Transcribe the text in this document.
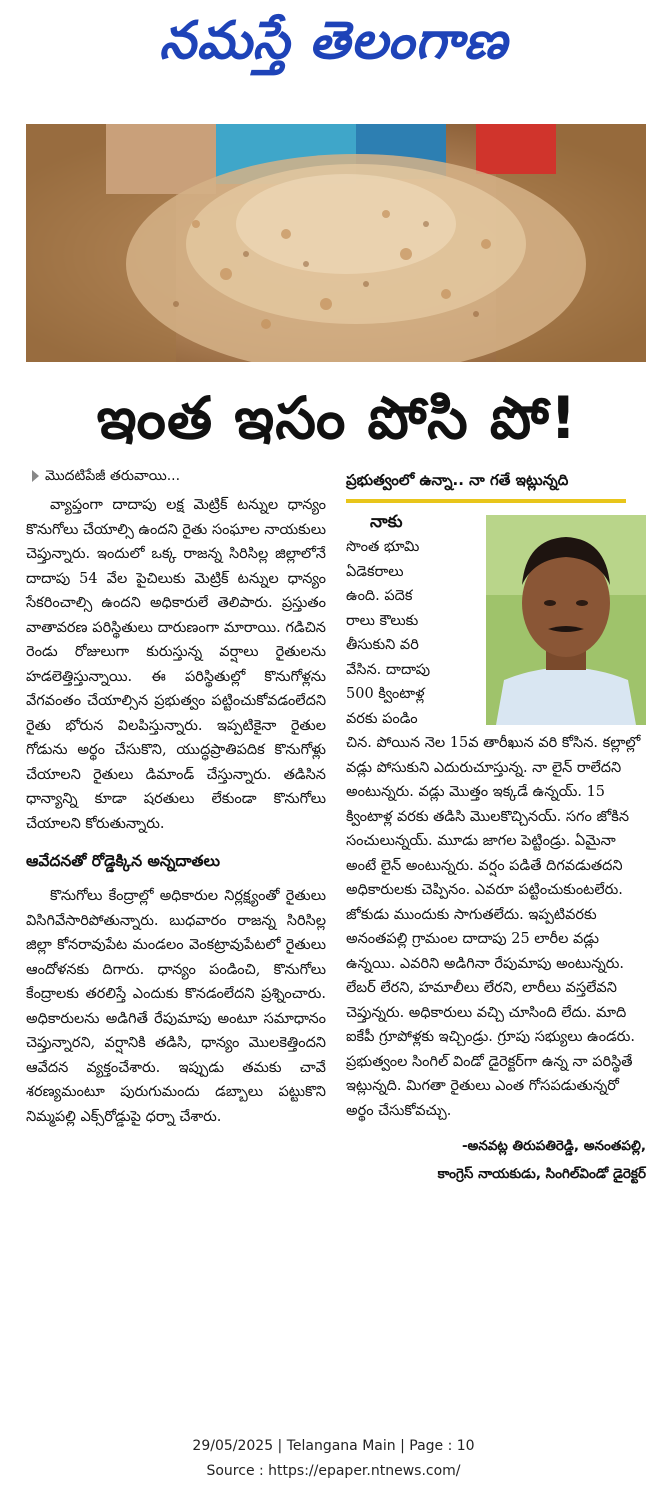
నమస్తే తెలంగాణ
ఇంత ఇసం పోసి పో!
మొదటిపేజీ తరువాయి...

వ్యాప్తంగా దాదాపు లక్ష మెట్రిక్ టన్నుల ధాన్యం కొనుగోలు చేయాల్సి ఉందని రైతు సంఘాల నాయకులు చెప్తున్నారు. ఇందులో ఒక్క రాజన్న సిరిసిల్ల జిల్లాలోనే దాదాపు 54 వేల పైచిలుకు మెట్రిక్ టన్నుల ధాన్యం సేకరించాల్సి ఉందని అధికారులే తెలిపారు. ప్రస్తుతం వాతావరణ పరిస్థితులు దారుణంగా మారాయి. గడిచిన రెండు రోజులుగా కురుస్తున్న వర్షాలు రైతులను హడలెత్తిస్తున్నాయి. ఈ పరిస్థితుల్లో కొనుగోళ్లను వేగవంతం చేయాల్సిన ప్రభుత్వం పట్టించుకోవడంలేదని రైతు భోరున విలపిస్తున్నారు. ఇప్పటికైనా రైతుల గోడును అర్థం చేసుకొని, యుద్ధప్రాతిపదిక కొనుగోళ్లు చేయాలని రైతులు డిమాండ్ చేస్తున్నారు. తడిసిన ధాన్యాన్ని కూడా షరతులు లేకుండా కొనుగోలు చేయాలని కోరుతున్నారు.

ఆవేదనతో రోడ్డెక్కిన అన్నదాతలు

కొనుగోలు కేంద్రాల్లో అధికారుల నిర్లక్ష్యంతో రైతులు విసిగివేసారిపోతున్నారు. బుధవారం రాజన్న సిరిసిల్ల జిల్లా కోనరావుపేట మండలం వెంకట్రావుపేటలో రైతులు ఆందోళనకు దిగారు. ధాన్యం పండించి, కొనుగోలు కేంద్రాలకు తరలిస్తే ఎందుకు కొనడంలేదని ప్రశ్నించారు. అధికారులను అడిగితే రేపుమాపు అంటూ సమాధానం చెప్తున్నారని, వర్షానికి తడిసి, ధాన్యం మొలకెత్తిందని ఆవేదన వ్యక్తంచేశారు. ఇప్పుడు తమకు చావే శరణ్యమంటూ పురుగుమందు డబ్బాలు పట్టుకొని నిమ్మపల్లి ఎక్స్‌రోడ్డుపై ధర్నా చేశారు.

ప్రభుత్వంలో ఉన్నా.. నా గతే ఇట్లున్నది
నాకు
సొంత భూమి
ఏడెకరాలు
ఉంది. పదెక
రాలు కౌలుకు
తీసుకుని వరి
వేసిన. దాదాపు
500 క్వింటాళ్ల
వరకు పండిం

చిన. పోయిన నెల 15వ తారీఖున వరి కోసిన. కల్లాల్లో వడ్లు పోసుకుని ఎదురుచూస్తున్న. నా లైన్ రాలేదని అంటున్నరు. వడ్లు మొత్తం ఇక్కడే ఉన్నయ్. 15 క్వింటాళ్ల వరకు తడిసి మొలకొచ్చినయ్. సగం జోకిన సంచులున్నయ్. మూడు జాగల పెట్టిండ్రు. ఏమైనా అంటే లైన్ అంటున్నరు. వర్షం పడితే దిగవడుతదని అధికారులకు చెప్పినం. ఎవరూ పట్టించుకుంటలేరు. జోకుడు ముందుకు సాగుతలేదు. ఇప్పటివరకు అనంతపల్లి గ్రామంల దాదాపు 25 లారీల వడ్లు ఉన్నయి. ఎవరిని అడిగినా రేపుమాపు అంటున్నరు. లేబర్ లేరని, హమాలీలు లేరని, లారీలు వస్తలేవని చెప్తున్నరు. అధికారులు వచ్చి చూసింది లేదు. మాది ఐకేపీ గ్రూపోళ్లకు ఇచ్చిండ్రు. గ్రూపు సభ్యులు ఉండరు. ప్రభుత్వంల సింగిల్ విండో డైరెక్టర్‌గా ఉన్న నా పరిస్థితే ఇట్లున్నది. మిగతా రైతులు ఎంత గోసపడుతున్నరో అర్థం చేసుకోవచ్చు.

-అనవట్ల తిరుపతిరెడ్డి, అనంతపల్లి,
కాంగ్రెస్ నాయకుడు, సింగిల్‌విండో డైరెక్టర్
29/05/2025 | Telangana Main | Page : 10
Source : https://epaper.ntnews.com/
